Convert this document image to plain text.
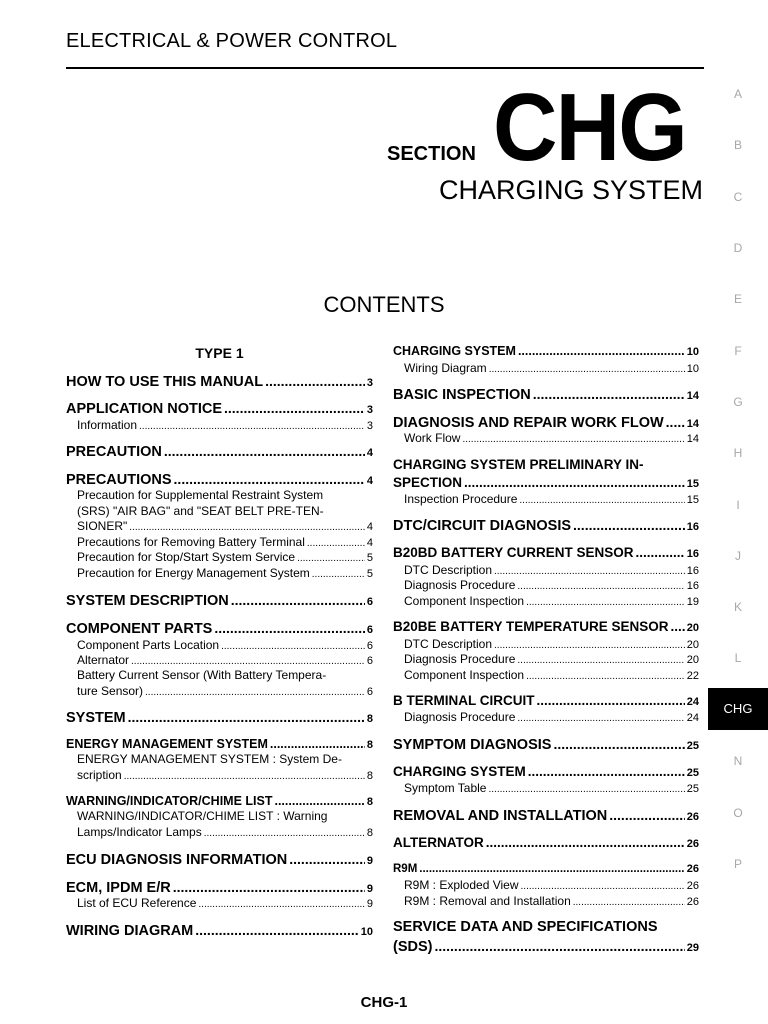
ELECTRICAL & POWER CONTROL
SECTION CHG
CHARGING SYSTEM
CONTENTS
A
B
C
D
E
F
G
H
I
J
K
L
CHG
N
O
P
TYPE 1
HOW TO USE THIS MANUAL .....	3
APPLICATION NOTICE .....	3
Information .....	3
PRECAUTION .....	4
PRECAUTIONS .....	4
Precaution for Supplemental Restraint System
(SRS) "AIR BAG" and "SEAT BELT PRE-TEN-
SIONER" .....	4
Precautions for Removing Battery Terminal .....	4
Precaution for Stop/Start System Service .....	5
Precaution for Energy Management System .....	5
SYSTEM DESCRIPTION .....	6
COMPONENT PARTS .....	6
Component Parts Location .....	6
Alternator .....	6
Battery Current Sensor (With Battery Tempera-
ture Sensor) .....	6
SYSTEM .....	8
ENERGY MANAGEMENT SYSTEM .....	8
ENERGY MANAGEMENT SYSTEM : System De-
scription .....	8
WARNING/INDICATOR/CHIME LIST .....	8
WARNING/INDICATOR/CHIME LIST : Warning
Lamps/Indicator Lamps .....	8
ECU DIAGNOSIS INFORMATION .....	9
ECM, IPDM E/R .....	9
List of ECU Reference .....	9
WIRING DIAGRAM .....	10
CHARGING SYSTEM .....	10
Wiring Diagram .....	10
BASIC INSPECTION .....	14
DIAGNOSIS AND REPAIR WORK FLOW ..... 14
Work Flow .....	14
CHARGING SYSTEM PRELIMINARY IN-
SPECTION .....	15
Inspection Procedure .....	15
DTC/CIRCUIT DIAGNOSIS .....	16
B20BD BATTERY CURRENT SENSOR .....	16
DTC Description .....	16
Diagnosis Procedure .....	16
Component Inspection .....	19
B20BE BATTERY TEMPERATURE SENSOR ..... 20
DTC Description .....	20
Diagnosis Procedure .....	20
Component Inspection .....	22
B TERMINAL CIRCUIT .....	24
Diagnosis Procedure .....	24
SYMPTOM DIAGNOSIS .....	25
CHARGING SYSTEM .....	25
Symptom Table .....	25
REMOVAL AND INSTALLATION .....	26
ALTERNATOR .....	26
R9M .....	26
R9M : Exploded View .....	26
R9M : Removal and Installation .....	26
SERVICE DATA AND SPECIFICATIONS
(SDS) .....	29
CHG-1
